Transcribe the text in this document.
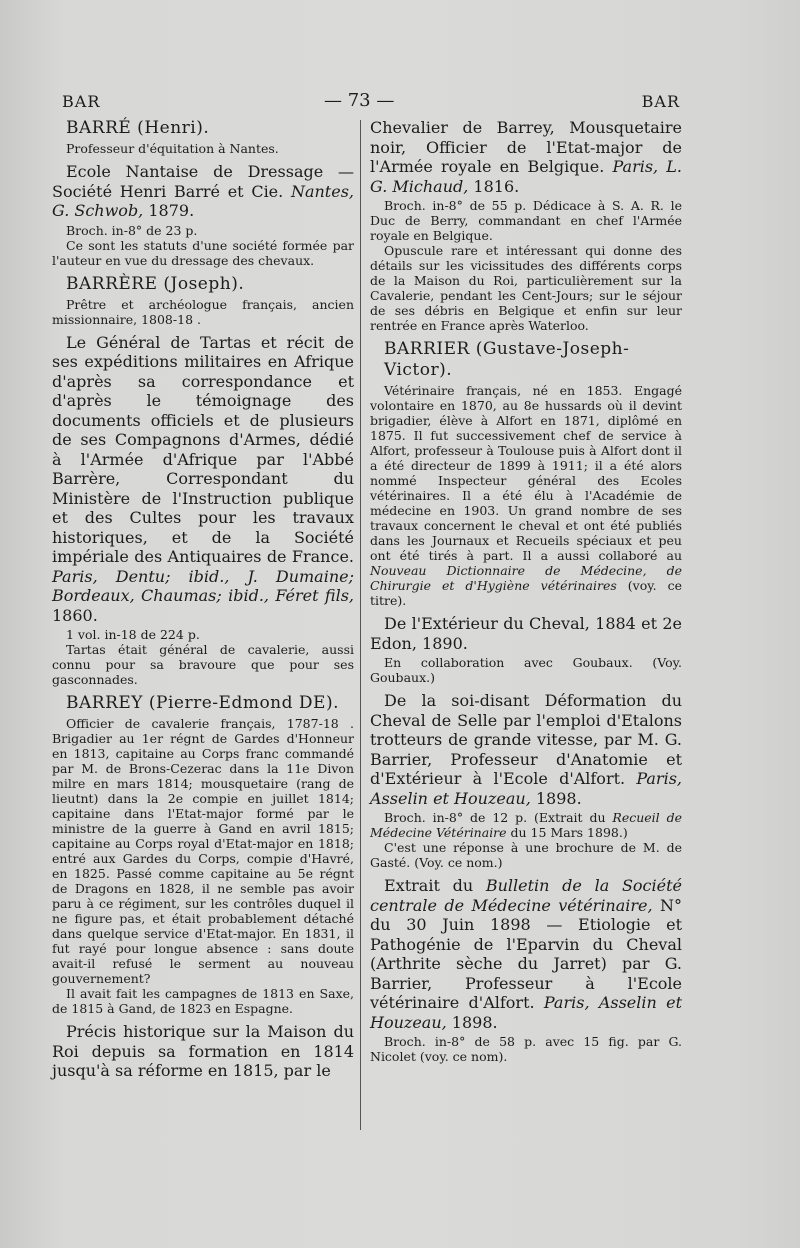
BAR	— 73 —	BAR

BARRÉ (Henri).

Professeur d'équitation à Nantes.

Ecole Nantaise de Dressage — Société Henri Barré et Cie. Nantes, G. Schwob, 1879.

Broch. in-8° de 23 p.

Ce sont les statuts d'une société formée par l'auteur en vue du dressage des chevaux.

BARRÈRE (Joseph).

Prêtre et archéologue français, ancien missionnaire, 1808-18 .

Le Général de Tartas et récit de ses expéditions militaires en Afrique d'après sa correspondance et d'après le témoignage des documents officiels et de plusieurs de ses Compagnons d'Armes, dédié à l'Armée d'Afrique par l'Abbé Barrère, Correspondant du Ministère de l'Instruction publique et des Cultes pour les travaux historiques, et de la Société impériale des Antiquaires de France. Paris, Dentu; ibid., J. Dumaine; Bordeaux, Chaumas; ibid., Féret fils, 1860.

1 vol. in-18 de 224 p.

Tartas était général de cavalerie, aussi connu pour sa bravoure que pour ses gasconnades.

BARREY (Pierre-Edmond DE).

Officier de cavalerie français, 1787-18 . Brigadier au 1er régnt de Gardes d'Honneur en 1813, capitaine au Corps franc commandé par M. de Brons-Cezerac dans la 11e Divon milre en mars 1814; mousquetaire (rang de lieutnt) dans la 2e compie en juillet 1814; capitaine dans l'Etat-major formé par le ministre de la guerre à Gand en avril 1815; capitaine au Corps royal d'Etat-major en 1818; entré aux Gardes du Corps, compie d'Havré, en 1825. Passé comme capitaine au 5e régnt de Dragons en 1828, il ne semble pas avoir paru à ce régiment, sur les contrôles duquel il ne figure pas, et était probablement détaché dans quelque service d'Etat-major. En 1831, il fut rayé pour longue absence : sans doute avait-il refusé le serment au nouveau gouvernement?

Il avait fait les campagnes de 1813 en Saxe, de 1815 à Gand, de 1823 en Espagne.

Précis historique sur la Maison du Roi depuis sa formation en 1814 jusqu'à sa réforme en 1815, par le

Chevalier de Barrey, Mousquetaire noir, Officier de l'Etat-major de l'Armée royale en Belgique. Paris, L. G. Michaud, 1816.

Broch. in-8° de 55 p. Dédicace à S. A. R. le Duc de Berry, commandant en chef l'Armée royale en Belgique.

Opuscule rare et intéressant qui donne des détails sur les vicissitudes des différents corps de la Maison du Roi, particulièrement sur la Cavalerie, pendant les Cent-Jours; sur le séjour de ses débris en Belgique et enfin sur leur rentrée en France après Waterloo.

BARRIER (Gustave-Joseph-Victor).

Vétérinaire français, né en 1853. Engagé volontaire en 1870, au 8e hussards où il devint brigadier, élève à Alfort en 1871, diplômé en 1875. Il fut successivement chef de service à Alfort, professeur à Toulouse puis à Alfort dont il a été directeur de 1899 à 1911; il a été alors nommé Inspecteur général des Ecoles vétérinaires. Il a été élu à l'Académie de médecine en 1903. Un grand nombre de ses travaux concernent le cheval et ont été publiés dans les Journaux et Recueils spéciaux et peu ont été tirés à part. Il a aussi collaboré au Nouveau Dictionnaire de Médecine, de Chirurgie et d'Hygiène vétérinaires (voy. ce titre).

De l'Extérieur du Cheval, 1884 et 2e Edon, 1890.

En collaboration avec Goubaux. (Voy. Goubaux.)

De la soi-disant Déformation du Cheval de Selle par l'emploi d'Etalons trotteurs de grande vitesse, par M. G. Barrier, Professeur d'Anatomie et d'Extérieur à l'Ecole d'Alfort. Paris, Asselin et Houzeau, 1898.

Broch. in-8° de 12 p. (Extrait du Recueil de Médecine Vétérinaire du 15 Mars 1898.)

C'est une réponse à une brochure de M. de Gasté. (Voy. ce nom.)

Extrait du Bulletin de la Société centrale de Médecine vétérinaire, N° du 30 Juin 1898 — Etiologie et Pathogénie de l'Eparvin du Cheval (Arthrite sèche du Jarret) par G. Barrier, Professeur à l'Ecole vétérinaire d'Alfort. Paris, Asselin et Houzeau, 1898.

Broch. in-8° de 58 p. avec 15 fig. par G. Nicolet (voy. ce nom).
